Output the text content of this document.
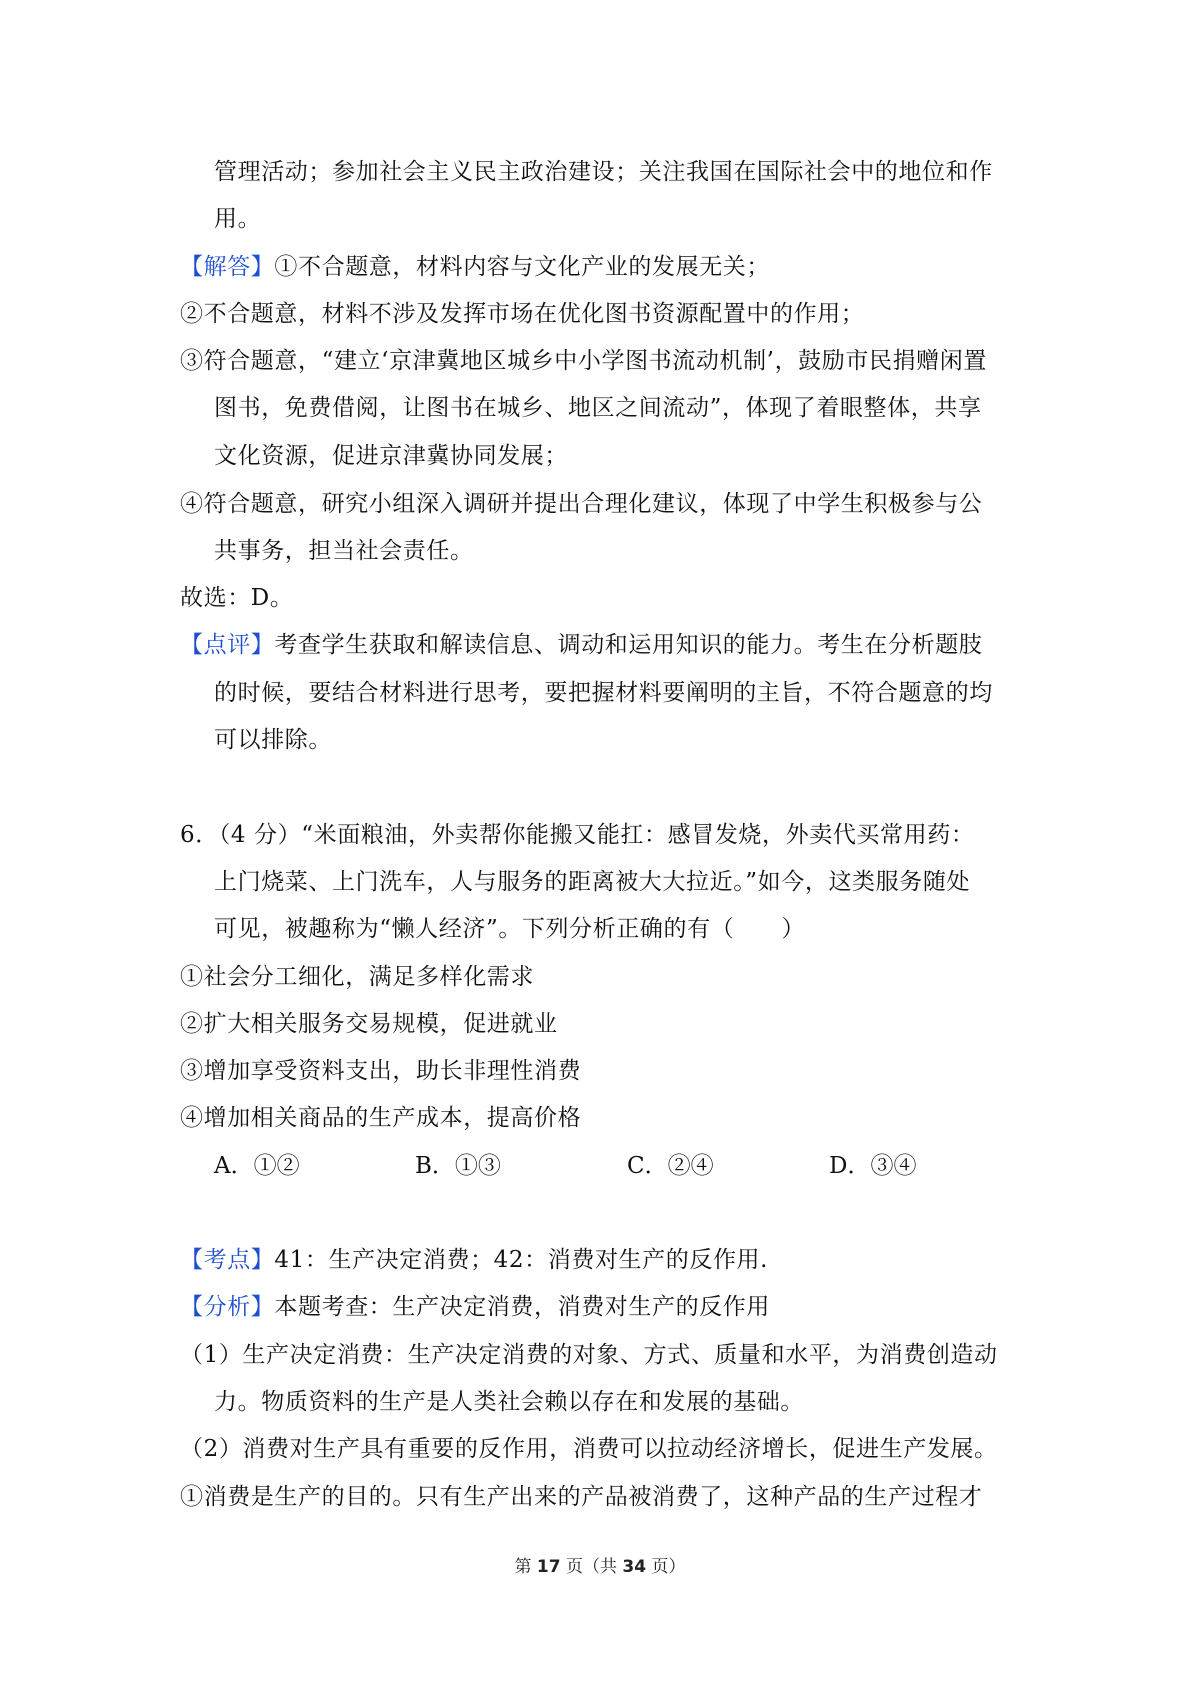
管理活动；参加社会主义民主政治建设；关注我国在国际社会中的地位和作
用。
【解答】①不合题意，材料内容与文化产业的发展无关；
②不合题意，材料不涉及发挥市场在优化图书资源配置中的作用；
③符合题意，“建立‘京津冀地区城乡中小学图书流动机制’，鼓励市民捐赠闲置
图书，免费借阅，让图书在城乡、地区之间流动”，体现了着眼整体，共享
文化资源，促进京津冀协同发展；
④符合题意，研究小组深入调研并提出合理化建议，体现了中学生积极参与公
共事务，担当社会责任。
故选：D。
【点评】考查学生获取和解读信息、调动和运用知识的能力。考生在分析题肢
的时候，要结合材料进行思考，要把握材料要阐明的主旨，不符合题意的均
可以排除。
6．（4 分）“米面粮油，外卖帮你能搬又能扛：感冒发烧，外卖代买常用药：
上门烧菜、上门洗车，人与服务的距离被大大拉近。”如今，这类服务随处
可见，被趣称为“懒人经济”。下列分析正确的有（　　）
①社会分工细化，满足多样化需求
②扩大相关服务交易规模，促进就业
③增加享受资料支出，助长非理性消费
④增加相关商品的生产成本，提高价格
A．①②	B．①③	C．②④	D．③④
【考点】41：生产决定消费；42：消费对生产的反作用.
【分析】本题考查：生产决定消费，消费对生产的反作用
（1）生产决定消费：生产决定消费的对象、方式、质量和水平，为消费创造动
力。物质资料的生产是人类社会赖以存在和发展的基础。
（2）消费对生产具有重要的反作用，消费可以拉动经济增长，促进生产发展。
①消费是生产的目的。只有生产出来的产品被消费了，这种产品的生产过程才
第 17 页（共 34 页）
